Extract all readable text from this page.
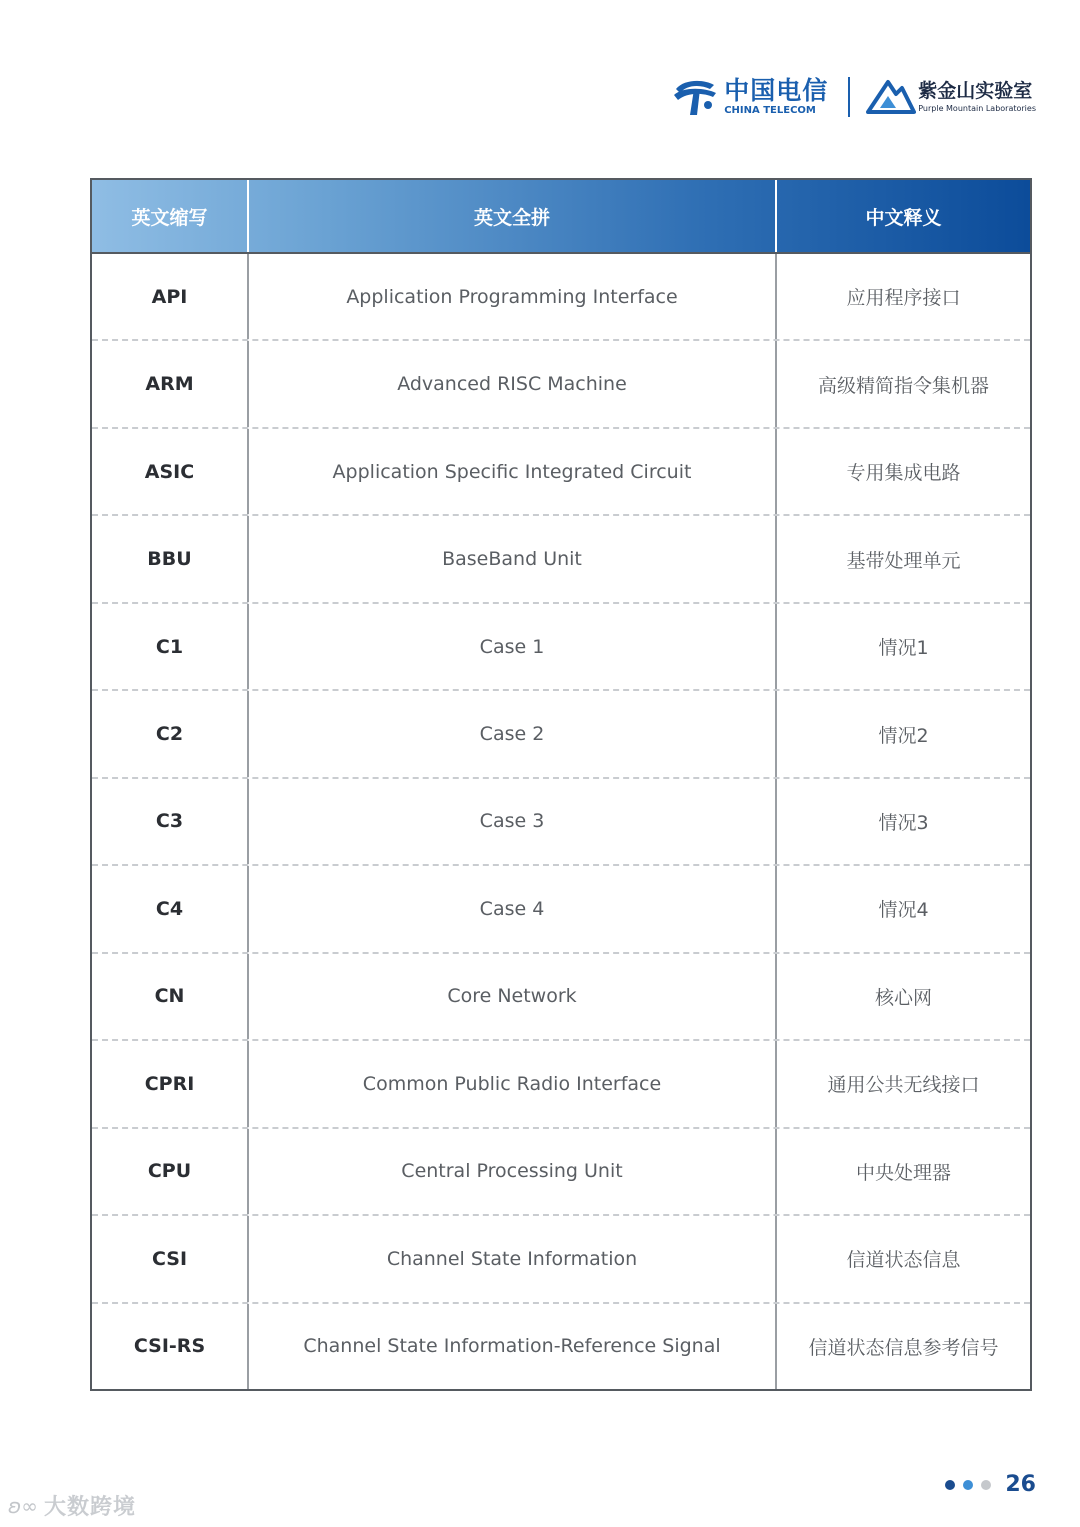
中国电信
CHINA TELECOM
紫金山实验室
Purple Mountain Laboratories
英文缩写	英文全拼	中文释义
API	Application Programming Interface	应用程序接口
ARM	Advanced RISC Machine	高级精简指令集机器
ASIC	Application Specific Integrated Circuit	专用集成电路
BBU	BaseBand Unit	基带处理单元
C1	Case 1	情况1
C2	Case 2	情况2
C3	Case 3	情况3
C4	Case 4	情况4
CN	Core Network	核心网
CPRI	Common Public Radio Interface	通用公共无线接口
CPU	Central Processing Unit	中央处理器
CSI	Channel State Information	信道状态信息
CSI-RS	Channel State Information-Reference Signal	信道状态信息参考信号
26
ʚ∞ 大数跨境
